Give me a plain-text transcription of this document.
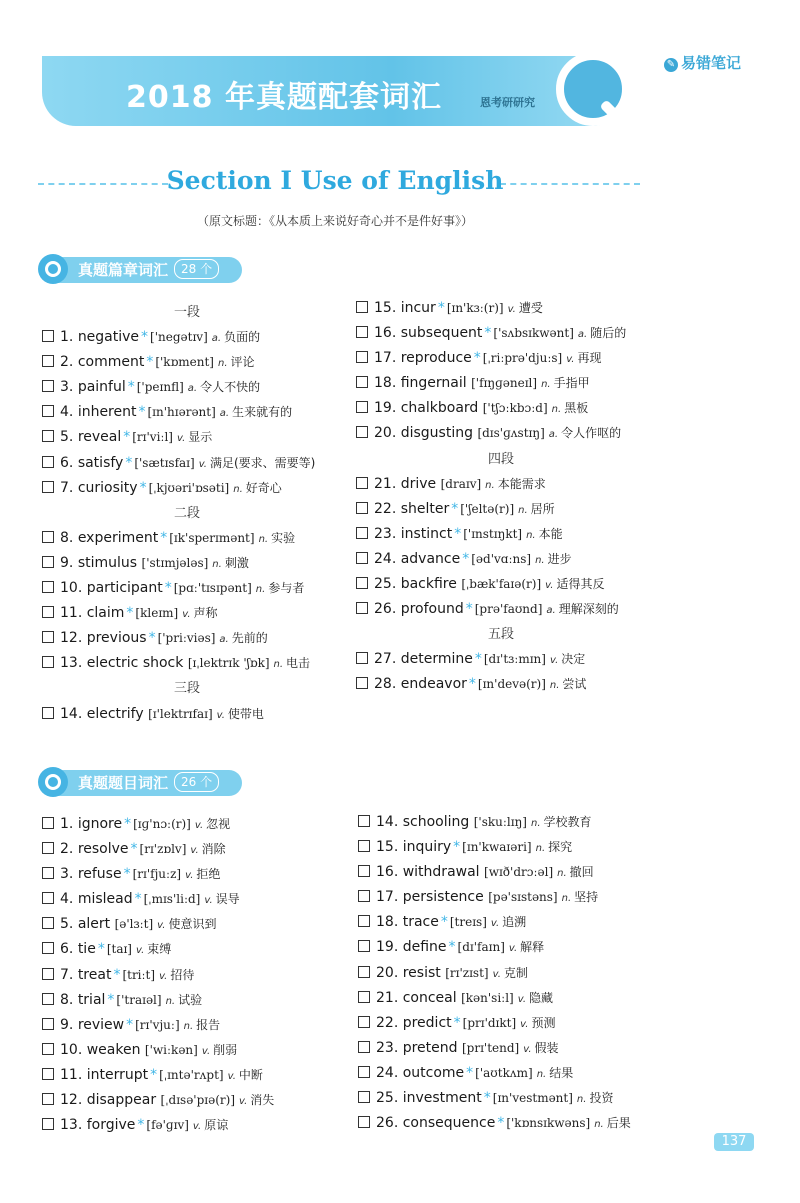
2018 年真题配套词汇	恩考研研究
✎ 易错笔记
Section Ⅰ Use of English
（原文标题：《从本质上来说好奇心并不是件好事》）
真题篇章词汇 28 个
一段
1. negative * ['negətɪv] a. 负面的
2. comment * ['kɒment] n. 评论
3. painful * ['peɪnfl] a. 令人不快的
4. inherent * [ɪn'hɪərənt] a. 生来就有的
5. reveal * [rɪ'viːl] v. 显示
6. satisfy * ['sætɪsfaɪ] v. 满足(要求、需要等)
7. curiosity * [ˌkjʊəri'ɒsəti] n. 好奇心
二段
8. experiment * [ɪk'sperɪmənt] n. 实验
9. stimulus ['stɪmjələs] n. 刺激
10. participant * [pɑː'tɪsɪpənt] n. 参与者
11. claim * [kleɪm] v. 声称
12. previous * ['priːviəs] a. 先前的
13. electric shock [ɪˌlektrɪk 'ʃɒk] n. 电击
三段
14. electrify [ɪ'lektrɪfaɪ] v. 使带电
15. incur * [ɪn'kɜː(r)] v. 遭受
16. subsequent * ['sʌbsɪkwənt] a. 随后的
17. reproduce * [ˌriːprə'djuːs] v. 再现
18. fingernail ['fɪŋɡəneɪl] n. 手指甲
19. chalkboard ['tʃɔːkbɔːd] n. 黑板
20. disgusting [dɪs'ɡʌstɪŋ] a. 令人作呕的
四段
21. drive [draɪv] n. 本能需求
22. shelter * ['ʃeltə(r)] n. 居所
23. instinct * ['ɪnstɪŋkt] n. 本能
24. advance * [əd'vɑːns] n. 进步
25. backfire [ˌbæk'faɪə(r)] v. 适得其反
26. profound * [prə'faʊnd] a. 理解深刻的
五段
27. determine * [dɪ'tɜːmɪn] v. 决定
28. endeavor * [ɪn'devə(r)] n. 尝试
真题题目词汇 26 个
1. ignore * [ɪɡ'nɔː(r)] v. 忽视
2. resolve * [rɪ'zɒlv] v. 消除
3. refuse * [rɪ'fjuːz] v. 拒绝
4. mislead * [ˌmɪs'liːd] v. 误导
5. alert [ə'lɜːt] v. 使意识到
6. tie * [taɪ] v. 束缚
7. treat * [triːt] v. 招待
8. trial * ['traɪəl] n. 试验
9. review * [rɪ'vjuː] n. 报告
10. weaken ['wiːkən] v. 削弱
11. interrupt * [ˌɪntə'rʌpt] v. 中断
12. disappear [ˌdɪsə'pɪə(r)] v. 消失
13. forgive * [fə'ɡɪv] v. 原谅
14. schooling ['skuːlɪŋ] n. 学校教育
15. inquiry * [ɪn'kwaɪəri] n. 探究
16. withdrawal [wɪð'drɔːəl] n. 撤回
17. persistence [pə'sɪstəns] n. 坚持
18. trace * [treɪs] v. 追溯
19. define * [dɪ'faɪn] v. 解释
20. resist [rɪ'zɪst] v. 克制
21. conceal [kən'siːl] v. 隐藏
22. predict * [prɪ'dɪkt] v. 预测
23. pretend [prɪ'tend] v. 假装
24. outcome * ['aʊtkʌm] n. 结果
25. investment * [ɪn'vestmənt] n. 投资
26. consequence * ['kɒnsɪkwəns] n. 后果
137
